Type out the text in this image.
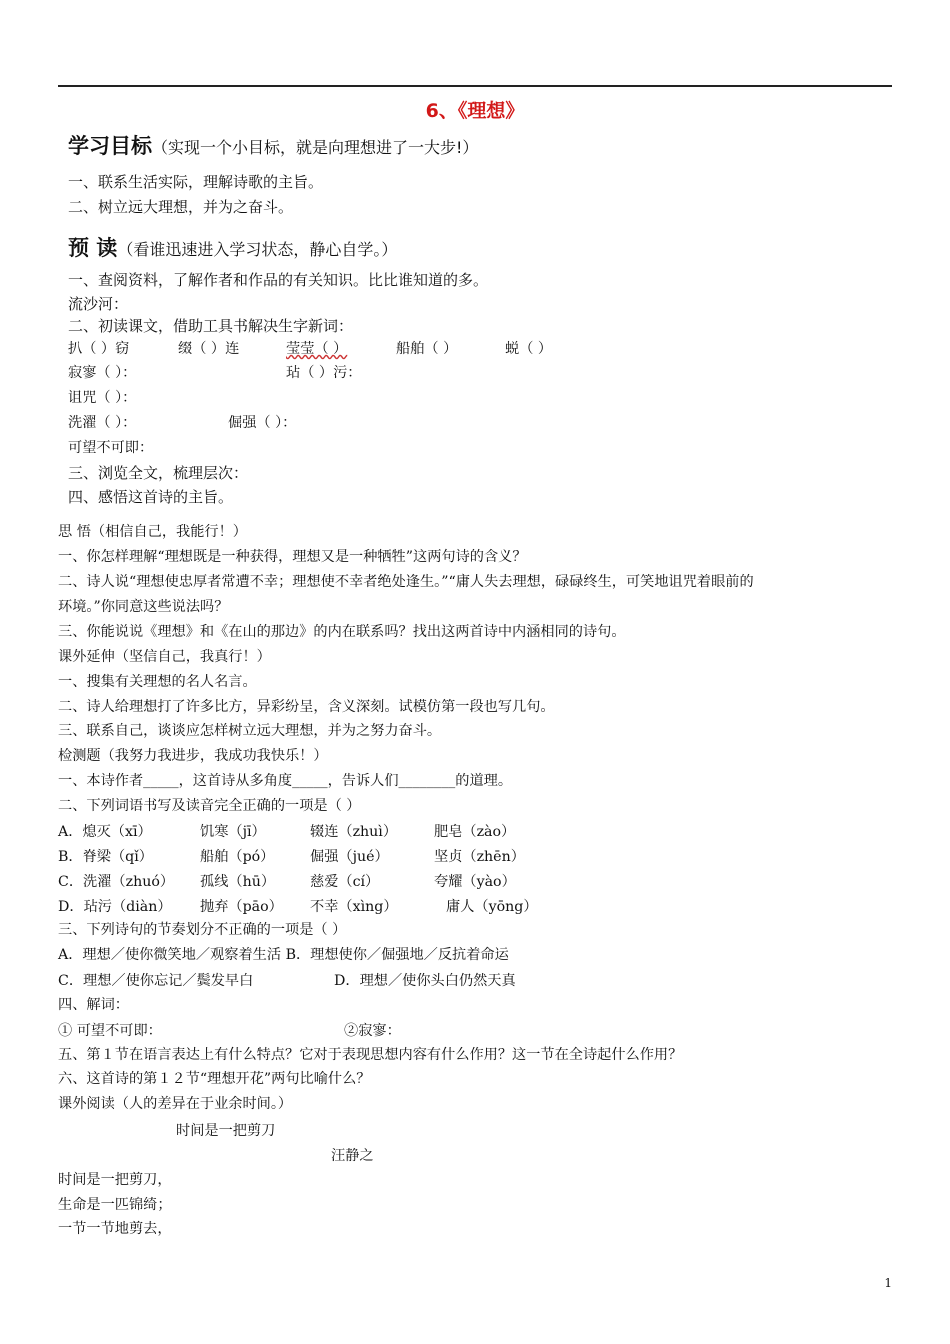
6、《理想》
学习目标（实现一个小目标，就是向理想进了一大步!）
一、联系生活实际，理解诗歌的主旨。
二、树立远大理想，并为之奋斗。
预 读（看谁迅速进入学习状态，静心自学。）
一、查阅资料，了解作者和作品的有关知识。比比谁知道的多。
流沙河：
二、初读课文，借助工具书解决生字新词：
扒（ ）窃	缀（ ）连	莹莹（ ）	船舶（ ）	蜕（ ）
寂寥（ ）：	玷（ ）污：
诅咒（ ）：
洗濯（ ）：	倔强（ ）：
可望不可即：
三、浏览全文，梳理层次：
四、感悟这首诗的主旨。
思 悟（相信自己，我能行！）
一、你怎样理解“理想既是一种获得，理想又是一种牺牲”这两句诗的含义？
二、诗人说“理想使忠厚者常遭不幸；理想使不幸者绝处逢生。”“庸人失去理想，碌碌终生，可笑地诅咒着眼前的
环境。”你同意这些说法吗？
三、你能说说《理想》和《在山的那边》的内在联系吗？找出这两首诗中内涵相同的诗句。
课外延伸（坚信自己，我真行！）
一、搜集有关理想的名人名言。
二、诗人给理想打了许多比方，异彩纷呈，含义深刻。试模仿第一段也写几句。
三、联系自己，谈谈应怎样树立远大理想，并为之努力奋斗。
检测题（我努力我进步，我成功我快乐！）
一、本诗作者_____，这首诗从多角度_____，告诉人们________的道理。
二、下列词语书写及读音完全正确的一项是（ ）
A．熄灭（xī）	饥寒（jī）	辍连（zhuì）	肥皂（zào）
B．脊梁（qǐ）	船舶（pó）	倔强（jué）	坚贞（zhēn）
C．洗濯（zhuó） 孤线（hū） 慈爱（cí）	夸耀（yào）
D．玷污（diàn） 抛弃（pāo） 不幸（xìng）	庸人（yōng）
三、下列诗句的节奏划分不正确的一项是（ ）
A．理想／使你微笑地／观察着生活 B．理想使你／倔强地／反抗着命运
C．理想／使你忘记／鬓发早白	D．理想／使你头白仍然天真
四、解词：
① 可望不可即：	②寂寥：
五、第１节在语言表达上有什么特点？它对于表现思想内容有什么作用？这一节在全诗起什么作用？
六、这首诗的第１２节“理想开花”两句比喻什么？
课外阅读（人的差异在于业余时间。）
时间是一把剪刀
汪静之
时间是一把剪刀，
生命是一匹锦绮；
一节一节地剪去，
1
